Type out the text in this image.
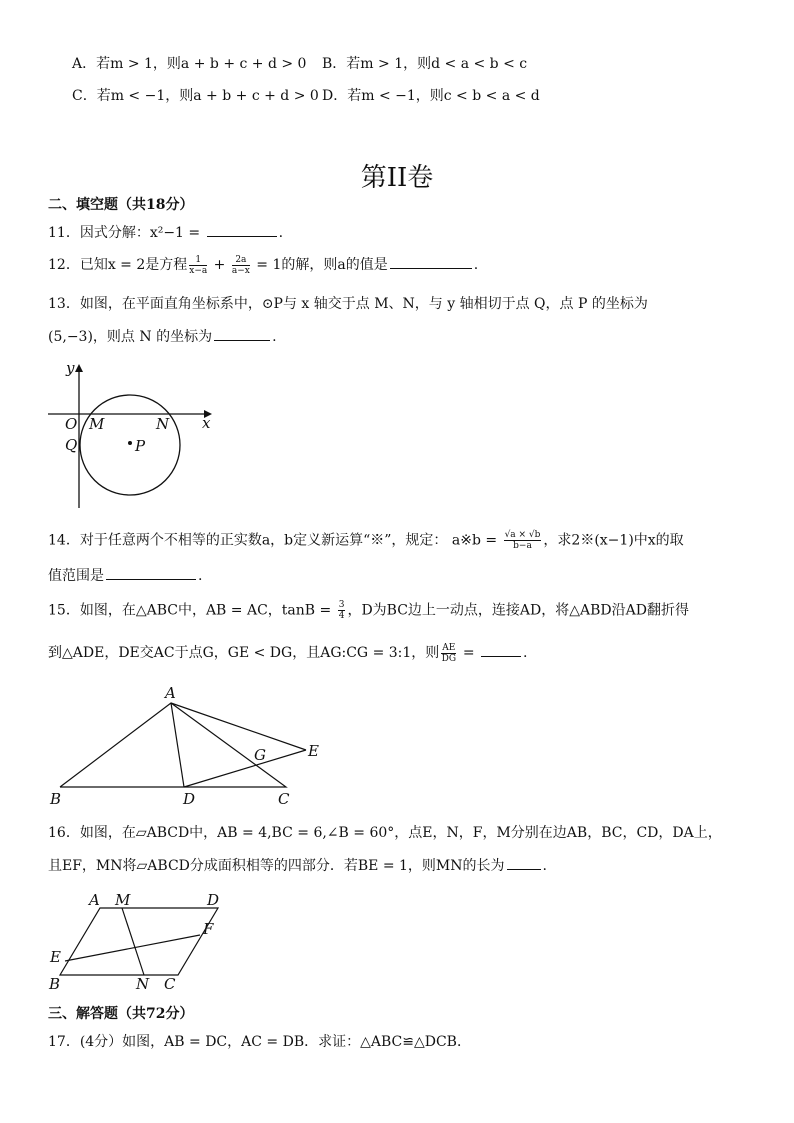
A．若m > 1，则a + b + c + d > 0 B．若m > 1，则d < a < b < c
C．若m < −1，则a + b + c + d > 0 D．若m < −1，则c < b < a < d
第II卷
二、填空题（共18分）
11．因式分解：x²−1 =	.
12．已知x = 2是方程 $\frac{1}{x-a} + \frac{2a}{a-x} = 1$的解，则a的值是	.
13．如图，在平面直角坐标系中，⊙P与 x 轴交于点 M、N，与 y 轴相切于点 Q，点 P 的坐标为
(5,−3)，则点 N 的坐标为	.
y
x
O M	N
Q	P
14．对于任意两个不相等的正实数a，b定义新运算“※”，规定： a※b = $\frac{√a \times √b}{b-a}$ ，求2※(x−1)中x的取
值范围是	.
15．如图，在△ABC中，AB = AC，$\tan B = \frac{3}{4}$ ，D为BC边上一动点，连接AD，将△ABD沿AD翻折得
到△ADE，DE交AC于点G，GE < DG，且AG:CG = 3:1，则 $\frac{AE}{DG}$ =	.
A
B	D	C
E
G
16．如图，在▱ABCD中，AB = 4,BC = 6,∠B = 60°，点E，N，F，M分别在边AB，BC，CD，DA上，
且EF，MN将▱ABCD分成面积相等的四部分．若BE = 1，则MN的长为	.
A M	D
F
E
B	N C
三、解答题（共72分）
17．(4分）如图，AB = DC，AC = DB．求证：△ABC≌△DCB．
